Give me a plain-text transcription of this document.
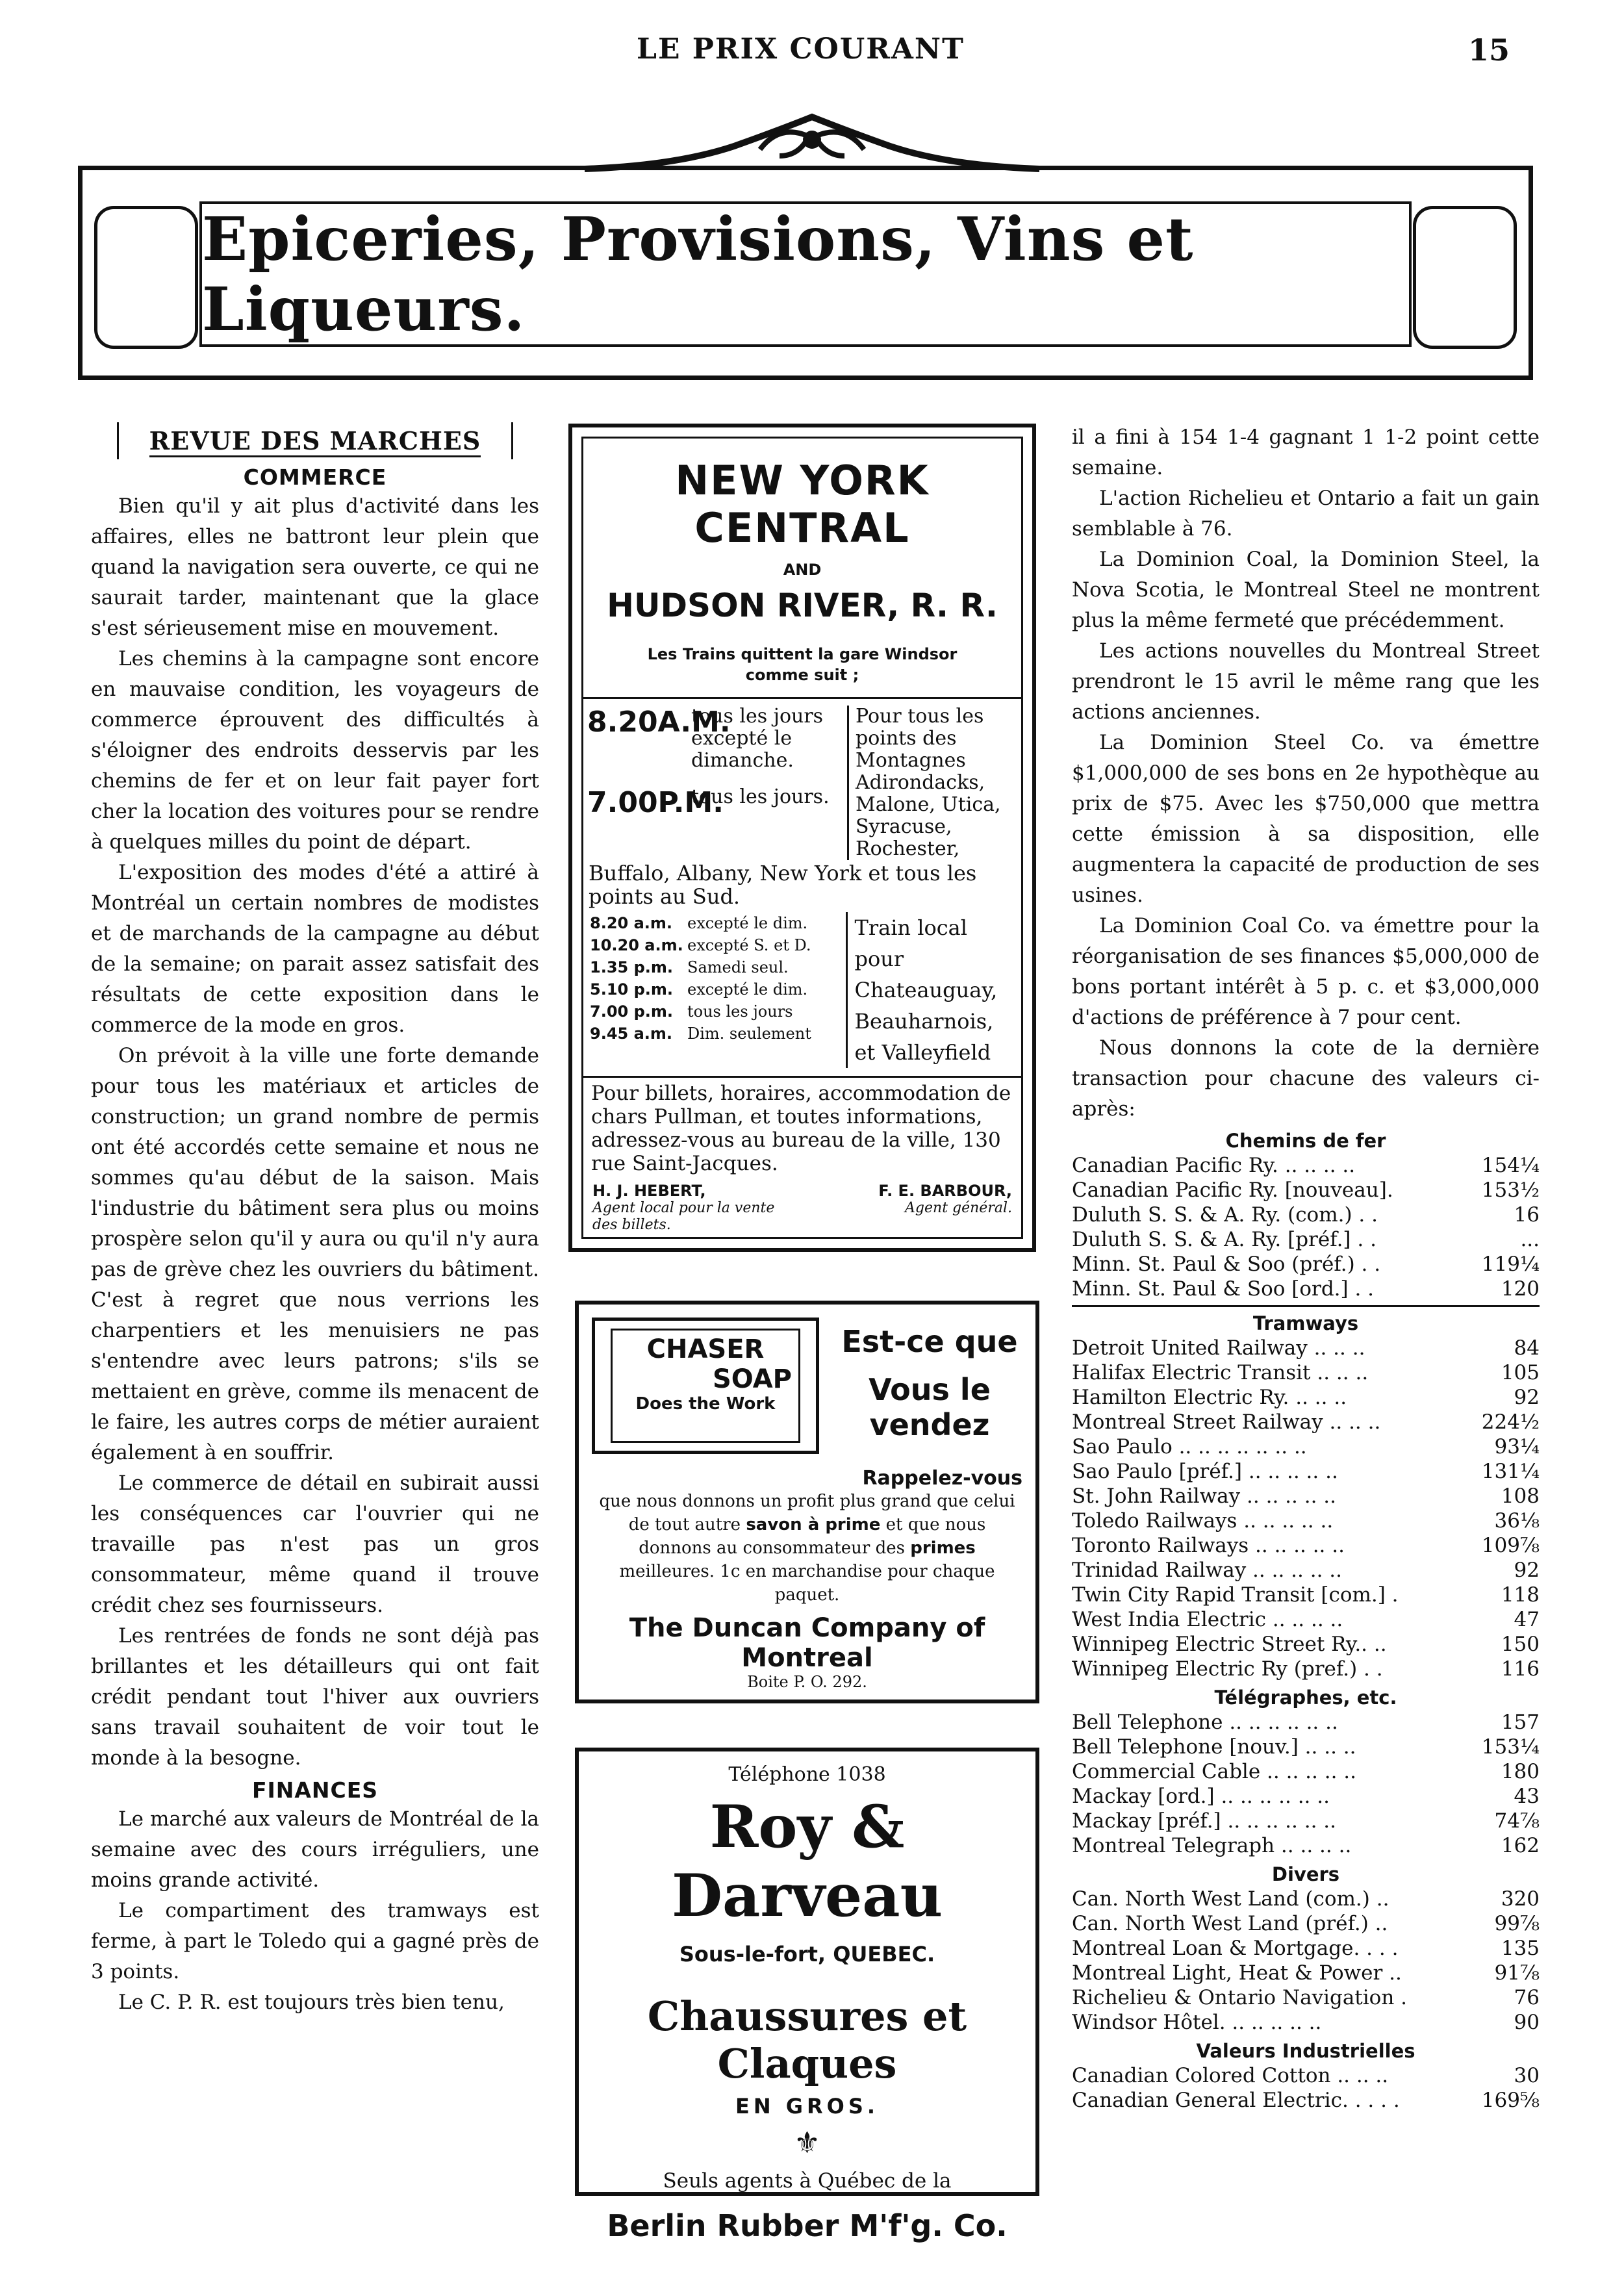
LE PRIX COURANT	15
Epiceries, Provisions, Vins et Liqueurs.
REVUE DES MARCHES
COMMERCE

Bien qu'il y ait plus d'activité dans les affaires, elles ne battront leur plein que quand la navigation sera ouverte, ce qui ne saurait tarder, maintenant que la glace s'est sérieusement mise en mouvement.

Les chemins à la campagne sont encore en mauvaise condition, les voyageurs de commerce éprouvent des difficultés à s'éloigner des endroits desservis par les chemins de fer et on leur fait payer fort cher la location des voitures pour se rendre à quelques milles du point de départ.

L'exposition des modes d'été a attiré à Montréal un certain nombres de modistes et de marchands de la campagne au début de la semaine; on parait assez satisfait des résultats de cette exposition dans le commerce de la mode en gros.

On prévoit à la ville une forte demande pour tous les matériaux et articles de construction; un grand nombre de permis ont été accordés cette semaine et nous ne sommes qu'au début de la saison. Mais l'industrie du bâtiment sera plus ou moins prospère selon qu'il y aura ou qu'il n'y aura pas de grève chez les ouvriers du bâtiment. C'est à regret que nous verrions les charpentiers et les menuisiers ne pas s'entendre avec leurs patrons; s'ils se mettaient en grève, comme ils menacent de le faire, les autres corps de métier auraient également à en souffrir.

Le commerce de détail en subirait aussi les conséquences car l'ouvrier qui ne travaille pas n'est pas un gros consommateur, même quand il trouve crédit chez ses fournisseurs.

Les rentrées de fonds ne sont déjà pas brillantes et les détailleurs qui ont fait crédit pendant tout l'hiver aux ouvriers sans travail souhaitent de voir tout le monde à la besogne.

FINANCES

Le marché aux valeurs de Montréal de la semaine avec des cours irréguliers, une moins grande activité.

Le compartiment des tramways est ferme, à part le Toledo qui a gagné près de 3 points.

Le C. P. R. est toujours très bien tenu,

NEW YORK CENTRAL
AND
HUDSON RIVER, R. R.
Les Trains quittent la gare Windsor comme suit ;
8.20A.M.
tous les jours excepté le dimanche.
7.00P.M.
tous les jours.
Pour tous les points des Montagnes Adirondacks, Malone, Utica, Syracuse, Rochester,
Buffalo, Albany, New York et tous les points au Sud.
8.20 a.m. excepté le dim.
10.20 a.m. excepté S. et D.
1.35 p.m. Samedi seul.
5.10 p.m. excepté le dim.
7.00 p.m. tous les jours
9.45 a.m. Dim. seulement
Train local pour Chateauguay, Beauharnois, et Valleyfield
Pour billets, horaires, accommodation de chars Pullman, et toutes informations, adressez-vous au bureau de la ville, 130 rue Saint-Jacques.
H. J. HEBERT,
Agent local pour la vente des billets.
F. E. BARBOUR,
Agent général.
CHASER
SOAP
Does the Work
Est-ce que
Vous le vendez
Rappelez-vous
que nous donnons un profit plus grand que celui de tout autre savon à prime et que nous donnons au consommateur des primes meilleures. 1c en marchandise pour chaque paquet.
The Duncan Company of Montreal
Boite P. O. 292.
Téléphone 1038
Roy & Darveau
Sous-le-fort, QUEBEC.
Chaussures et Claques
EN GROS.
⚜
Seuls agents à Québec de la
Berlin Rubber M'f'g. Co.

il a fini à 154 1-4 gagnant 1 1-2 point cette semaine.

L'action Richelieu et Ontario a fait un gain semblable à 76.

La Dominion Coal, la Dominion Steel, la Nova Scotia, le Montreal Steel ne montrent plus la même fermeté que précédemment.

Les actions nouvelles du Montreal Street prendront le 15 avril le même rang que les actions anciennes.

La Dominion Steel Co. va émettre $1,000,000 de ses bons en 2e hypothèque au prix de $75. Avec les $750,000 que mettra cette émission à sa disposition, elle augmentera la capacité de production de ses usines.

La Dominion Coal Co. va émettre pour la réorganisation de ses finances $5,000,000 de bons portant intérêt à 5 p. c. et $3,000,000 d'actions de préférence à 7 pour cent.

Nous donnons la cote de la dernière transaction pour chacune des valeurs ci-après:

Chemins de fer
Canadian Pacific Ry. .. .. .. ..	154¼
Canadian Pacific Ry. [nouveau].	153½
Duluth S. S. & A. Ry. (com.) . .	16
Duluth S. S. & A. Ry. [préf.] . .	...
Minn. St. Paul & Soo (préf.) . .	119¼
Minn. St. Paul & Soo [ord.] . .	120
Tramways
Detroit United Railway .. .. ..	84
Halifax Electric Transit .. .. ..	105
Hamilton Electric Ry. .. .. ..	92
Montreal Street Railway .. .. ..	224½
Sao Paulo .. .. .. .. .. .. ..	93¼
Sao Paulo [préf.] .. .. .. .. ..	131¼
St. John Railway .. .. .. .. ..	108
Toledo Railways .. .. .. .. ..	36⅛
Toronto Railways .. .. .. .. ..	109⅞
Trinidad Railway .. .. .. .. ..	92
Twin City Rapid Transit [com.] .	118
West India Electric .. .. .. ..	47
Winnipeg Electric Street Ry.. ..	150
Winnipeg Electric Ry (pref.) . .	116
Télégraphes, etc.
Bell Telephone .. .. .. .. .. ..	157
Bell Telephone [nouv.] .. .. ..	153¼
Commercial Cable .. .. .. .. ..	180
Mackay [ord.] .. .. .. .. .. ..	43
Mackay [préf.] .. .. .. .. .. ..	74⅞
Montreal Telegraph .. .. .. ..	162
Divers
Can. North West Land (com.) ..	320
Can. North West Land (préf.) ..	99⅞
Montreal Loan & Mortgage. . . .	135
Montreal Light, Heat & Power ..	91⅞
Richelieu & Ontario Navigation .	76
Windsor Hôtel. .. .. .. .. ..	90
Valeurs Industrielles
Canadian Colored Cotton .. .. ..	30
Canadian General Electric. . . . .	169⅝
